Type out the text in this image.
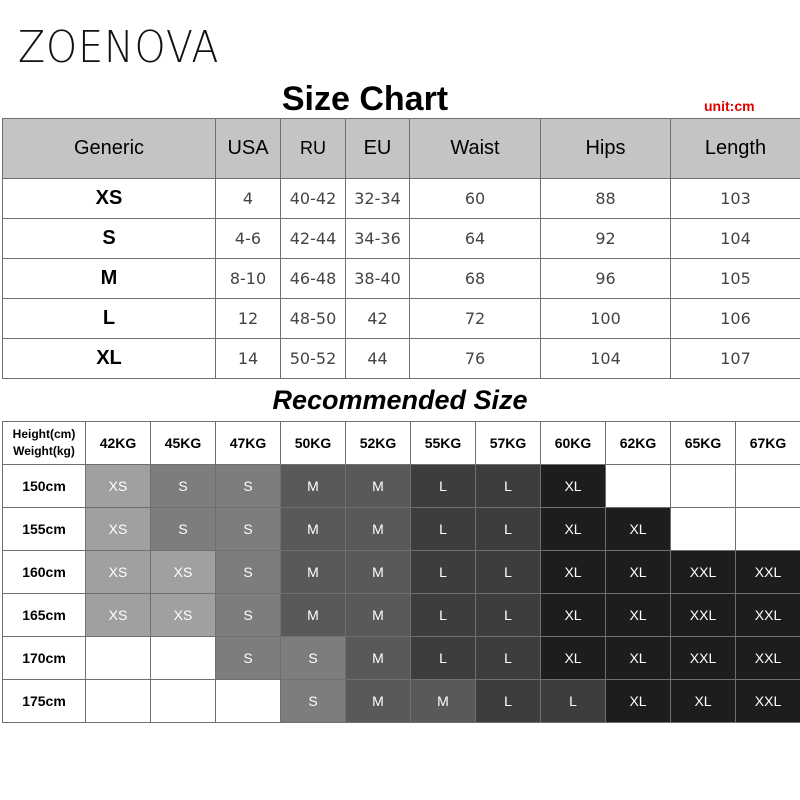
ZOENOVA
Size Chart	unit:cm
Generic	USA	RU	EU	Waist	Hips	Length
XS	4	40-42	32-34	60	88	103
S	4-6	42-44	34-36	64	92	104
M	8-10	46-48	38-40	68	96	105
L	12	48-50	42	72	100	106
XL	14	50-52	44	76	104	107
Recommended Size
Height(cm)
Weight(kg)	42KG	45KG	47KG	50KG	52KG	55KG	57KG	60KG	62KG	65KG	67KG
150cm	XS	S	S	M	M	L	L	XL			
155cm	XS	S	S	M	M	L	L	XL	XL		
160cm	XS	XS	S	M	M	L	L	XL	XL	XXL	XXL
165cm	XS	XS	S	M	M	L	L	XL	XL	XXL	XXL
170cm			S	S	M	L	L	XL	XL	XXL	XXL
175cm				S	M	M	L	L	XL	XL	XXL
